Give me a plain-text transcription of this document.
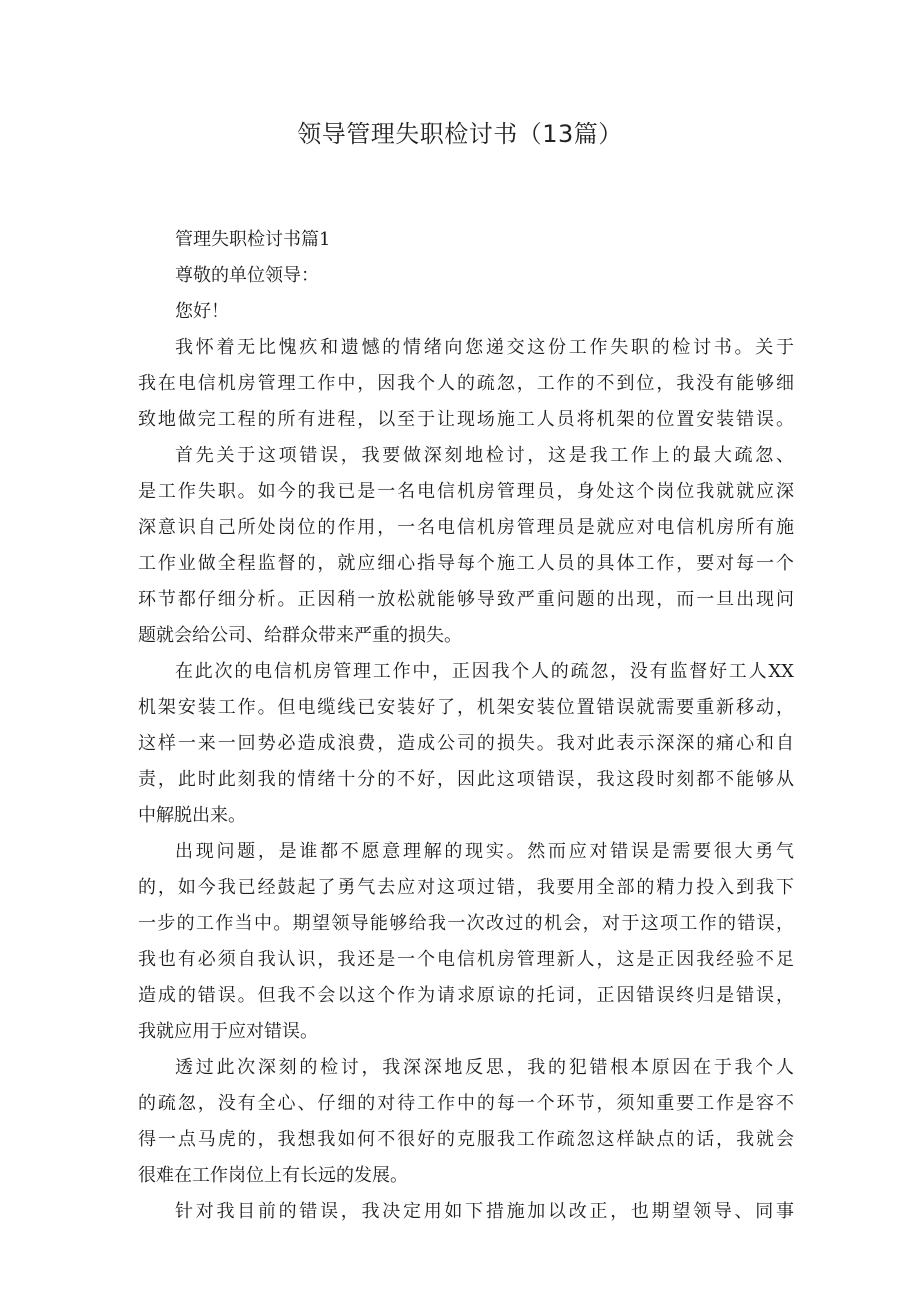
领导管理失职检讨书（13篇）

管理失职检讨书篇1

尊敬的单位领导：

您好！

我怀着无比愧疚和遗憾的情绪向您递交这份工作失职的检讨书。关于

我在电信机房管理工作中，因我个人的疏忽，工作的不到位，我没有能够细

致地做完工程的所有进程，以至于让现场施工人员将机架的位置安装错误。

首先关于这项错误，我要做深刻地检讨，这是我工作上的最大疏忽、

是工作失职。如今的我已是一名电信机房管理员，身处这个岗位我就就应深

深意识自己所处岗位的作用，一名电信机房管理员是就应对电信机房所有施

工作业做全程监督的，就应细心指导每个施工人员的具体工作，要对每一个

环节都仔细分析。正因稍一放松就能够导致严重问题的出现，而一旦出现问

题就会给公司、给群众带来严重的损失。

在此次的电信机房管理工作中，正因我个人的疏忽，没有监督好工人XX

机架安装工作。但电缆线已安装好了，机架安装位置错误就需要重新移动，

这样一来一回势必造成浪费，造成公司的损失。我对此表示深深的痛心和自

责，此时此刻我的情绪十分的不好，因此这项错误，我这段时刻都不能够从

中解脱出来。

出现问题，是谁都不愿意理解的现实。然而应对错误是需要很大勇气

的，如今我已经鼓起了勇气去应对这项过错，我要用全部的精力投入到我下

一步的工作当中。期望领导能够给我一次改过的机会，对于这项工作的错误，

我也有必须自我认识，我还是一个电信机房管理新人，这是正因我经验不足

造成的错误。但我不会以这个作为请求原谅的托词，正因错误终归是错误，

我就应用于应对错误。

透过此次深刻的检讨，我深深地反思，我的犯错根本原因在于我个人

的疏忽，没有全心、仔细的对待工作中的每一个环节，须知重要工作是容不

得一点马虎的，我想我如何不很好的克服我工作疏忽这样缺点的话，我就会

很难在工作岗位上有长远的发展。

针对我目前的错误，我决定用如下措施加以改正，也期望领导、同事
